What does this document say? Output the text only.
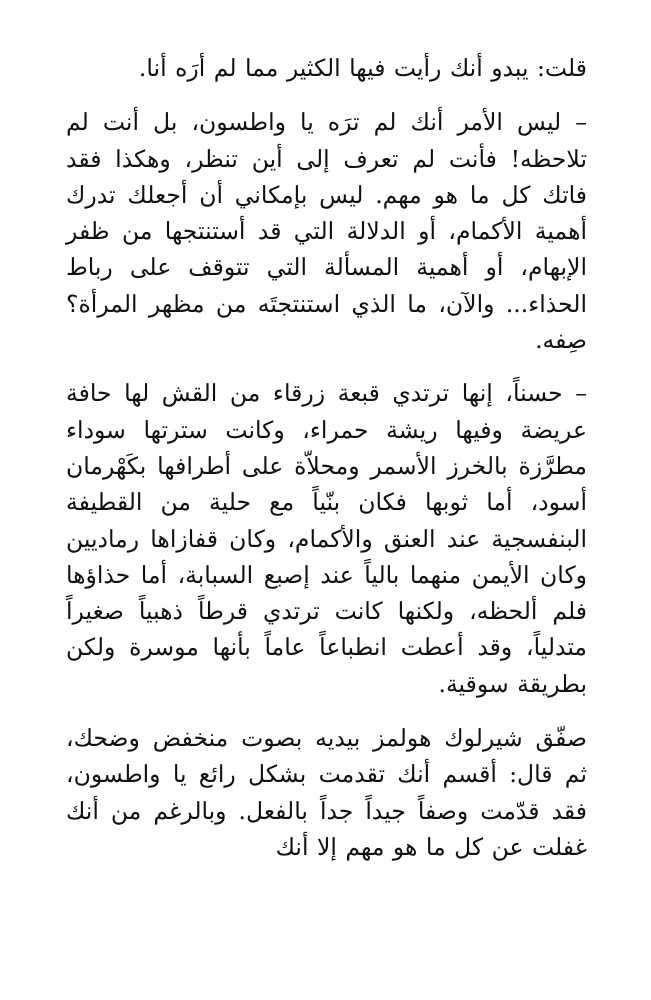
قلت: يبدو أنك رأيت فيها الكثير مما لم أرَه أنا.

– ليس الأمر أنك لم ترَه يا واطسون، بل أنت لم تلاحظه! فأنت لم تعرف إلى أين تنظر، وهكذا فقد فاتك كل ما هو مهم. ليس بإمكاني أن أجعلك تدرك أهمية الأكمام، أو الدلالة التي قد أستنتجها من ظفر الإبهام، أو أهمية المسألة التي تتوقف على رباط الحذاء... والآن، ما الذي استنتجتَه من مظهر المرأة؟ صِفه.

– حسناً، إنها ترتدي قبعة زرقاء من القش لها حافة عريضة وفيها ريشة حمراء، وكانت سترتها سوداء مطرَّزة بالخرز الأسمر ومحلاّة على أطرافها بكَهْرمان أسود، أما ثوبها فكان بنّياً مع حلية من القطيفة البنفسجية عند العنق والأكمام، وكان قفازاها رماديين وكان الأيمن منهما بالياً عند إصبع السبابة، أما حذاؤها فلم ألحظه، ولكنها كانت ترتدي قرطاً ذهبياً صغيراً متدلياً، وقد أعطت انطباعاً عاماً بأنها موسرة ولكن بطريقة سوقية.

صفّق شيرلوك هولمز بيديه بصوت منخفض وضحك، ثم قال: أقسم أنك تقدمت بشكل رائع يا واطسون، فقد قدّمت وصفاً جيداً جداً بالفعل. وبالرغم من أنك غفلت عن كل ما هو مهم إلا أنك
